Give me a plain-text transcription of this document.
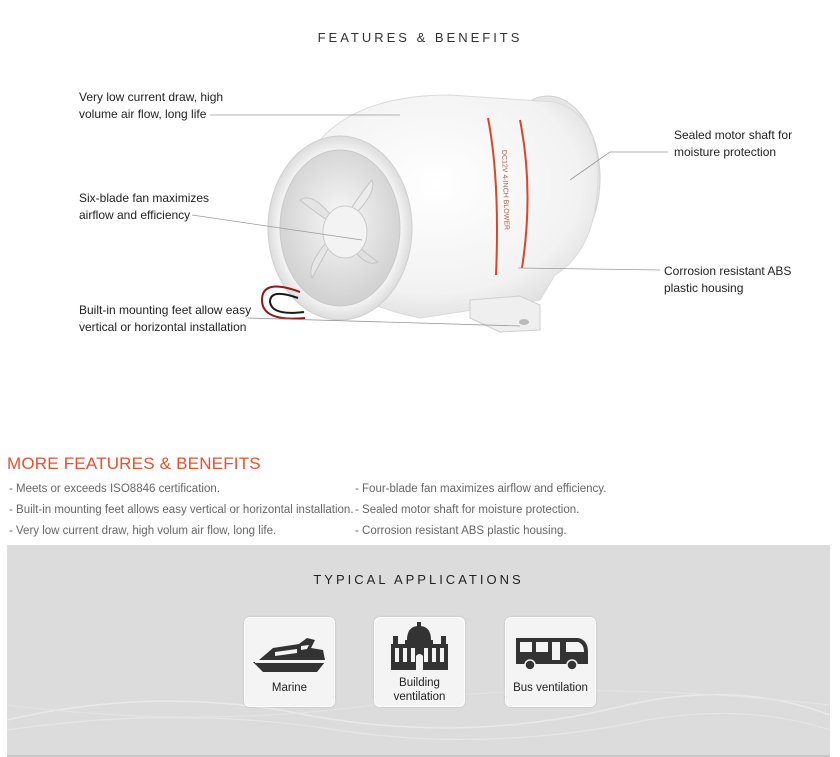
FEATURES & BENEFITS
DC12V 4-INCH BLOWER
Very low current draw, high
volume air flow, long life
Six-blade fan maximizes
airflow and efficiency
Built-in mounting feet allow easy
vertical or horizontal installation
Sealed motor shaft for
moisture protection
Corrosion resistant ABS
plastic housing
MORE FEATURES & BENEFITS
- Meets or exceeds ISO8846 certification.
- Built-in mounting feet allows easy vertical or horizontal installation.
- Very low current draw, high volum air flow, long life.
- Four-blade fan maximizes airflow and efficiency.
- Sealed motor shaft for moisture protection.
- Corrosion resistant ABS plastic housing.
TYPICAL APPLICATIONS
Marine	Building
ventilation
Bus ventilation
